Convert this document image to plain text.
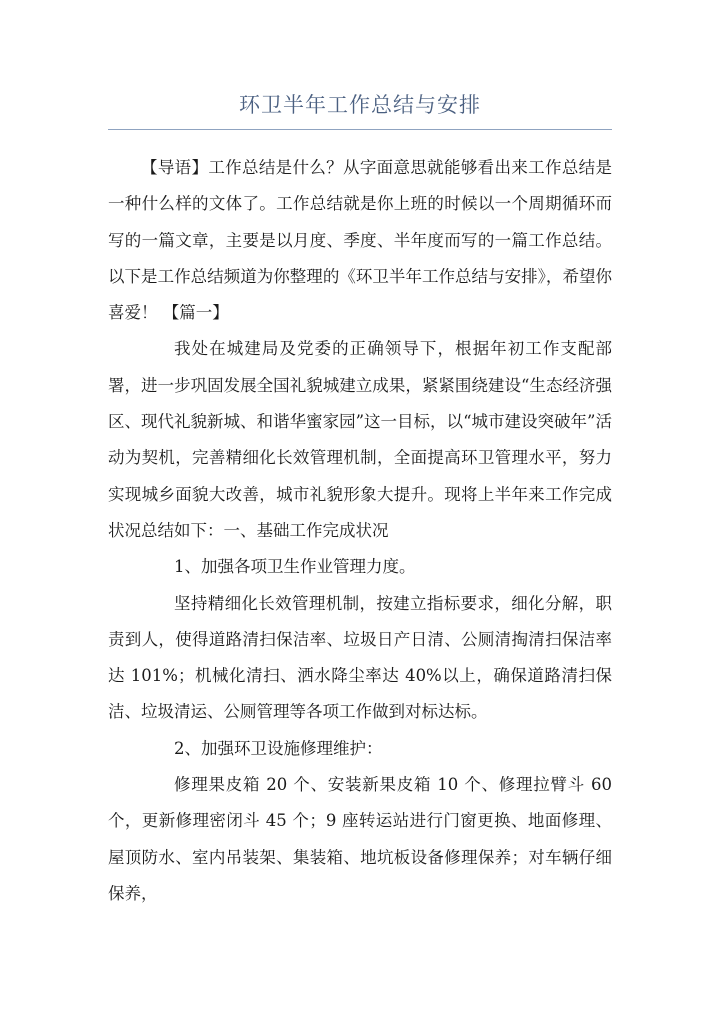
环卫半年工作总结与安排

【导语】工作总结是什么？从字面意思就能够看出来工作总结是一种什么样的文体了。工作总结就是你上班的时候以一个周期循环而写的一篇文章，主要是以月度、季度、半年度而写的一篇工作总结。以下是工作总结频道为你整理的《环卫半年工作总结与安排》，希望你喜爱！ 【篇一】

我处在城建局及党委的正确领导下，根据年初工作支配部署，进一步巩固发展全国礼貌城建立成果，紧紧围绕建设“生态经济强区、现代礼貌新城、和谐华蜜家园”这一目标，以“城市建设突破年”活动为契机，完善精细化长效管理机制，全面提高环卫管理水平，努力实现城乡面貌大改善，城市礼貌形象大提升。现将上半年来工作完成状况总结如下：一、基础工作完成状况

1、加强各项卫生作业管理力度。

坚持精细化长效管理机制，按建立指标要求，细化分解，职责到人，使得道路清扫保洁率、垃圾日产日清、公厕清掏清扫保洁率达 101%；机械化清扫、洒水降尘率达 40%以上，确保道路清扫保洁、垃圾清运、公厕管理等各项工作做到对标达标。

2、加强环卫设施修理维护：

修理果皮箱 20 个、安装新果皮箱 10 个、修理拉臂斗 60 个，更新修理密闭斗 45 个；9 座转运站进行门窗更换、地面修理、屋顶防水、室内吊装架、集装箱、地坑板设备修理保养；对车辆仔细保养，
